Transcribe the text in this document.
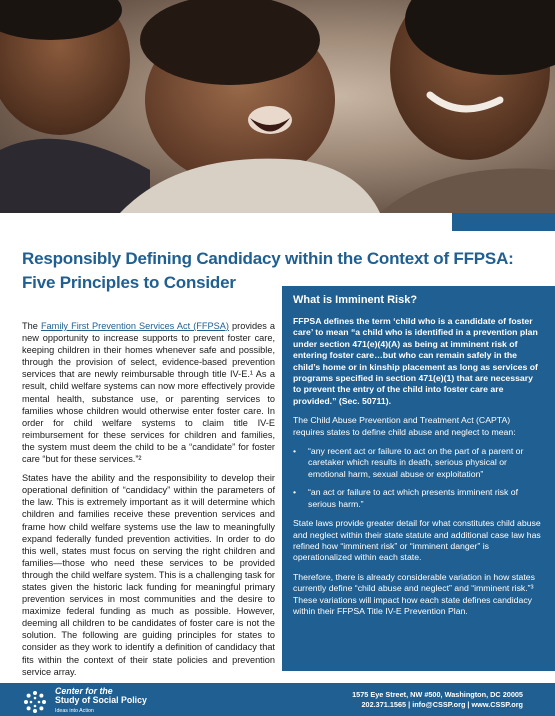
Responsibly Defining Candidacy within the Context of FFPSA: Five Principles to Consider

The Family First Prevention Services Act (FFPSA) provides a new opportunity to increase supports to prevent foster care, keeping children in their homes whenever safe and possible, through the provision of select, evidence-based prevention services that are newly reimbursable through title IV-E.¹ As a result, child welfare systems can now more effectively provide mental health, substance use, or parenting services to families whose children would otherwise enter foster care. In order for child welfare systems to claim title IV-E reimbursement for these services for children and families, the system must deem the child to be a “candidate” for foster care “but for these services.”²

States have the ability and the responsibility to develop their operational definition of “candidacy” within the parameters of the law. This is extremely important as it will determine which children and families receive these prevention services and frame how child welfare systems use the law to meaningfully expand federally funded prevention activities. In order to do this well, states must focus on serving the right children and families—those who need these services to be provided through the child welfare system. This is a challenging task for states given the historic lack funding for meaningful primary prevention services in most communities and the desire to maximize federal funding as much as possible. However, deeming all children to be candidates of foster care is not the solution. The following are guiding principles for states to consider as they work to identify a definition of candidacy that fits within the context of their state policies and prevention service array.

What is Imminent Risk?

FFPSA defines the term ‘child who is a candidate of foster care’ to mean “a child who is identified in a prevention plan under section 471(e)(4)(A) as being at imminent risk of entering foster care…but who can remain safely in the child’s home or in kinship placement as long as services of programs specified in section 471(e)(1) that are necessary to prevent the entry of the child into foster care are provided.” (Sec. 50711).

The Child Abuse Prevention and Treatment Act (CAPTA) requires states to define child abuse and neglect to mean:

• “any recent act or failure to act on the part of a parent or caretaker which results in death, serious physical or emotional harm, sexual abuse or exploitation”
• “an act or failure to act which presents imminent risk of serious harm.”

State laws provide greater detail for what constitutes child abuse and neglect within their state statute and additional case law has refined how “imminent risk” or “imminent danger” is operationalized within each state.

Therefore, there is already considerable variation in how states currently define “child abuse and neglect” and “imminent risk.”³ These variations will impact how each state defines candidacy within their FFPSA Title IV-E Prevention Plan.

Center for the
Study of Social Policy
Ideas into Action
1575 Eye Street, NW #500, Washington, DC 20005
202.371.1565 | info@CSSP.org | www.CSSP.org
